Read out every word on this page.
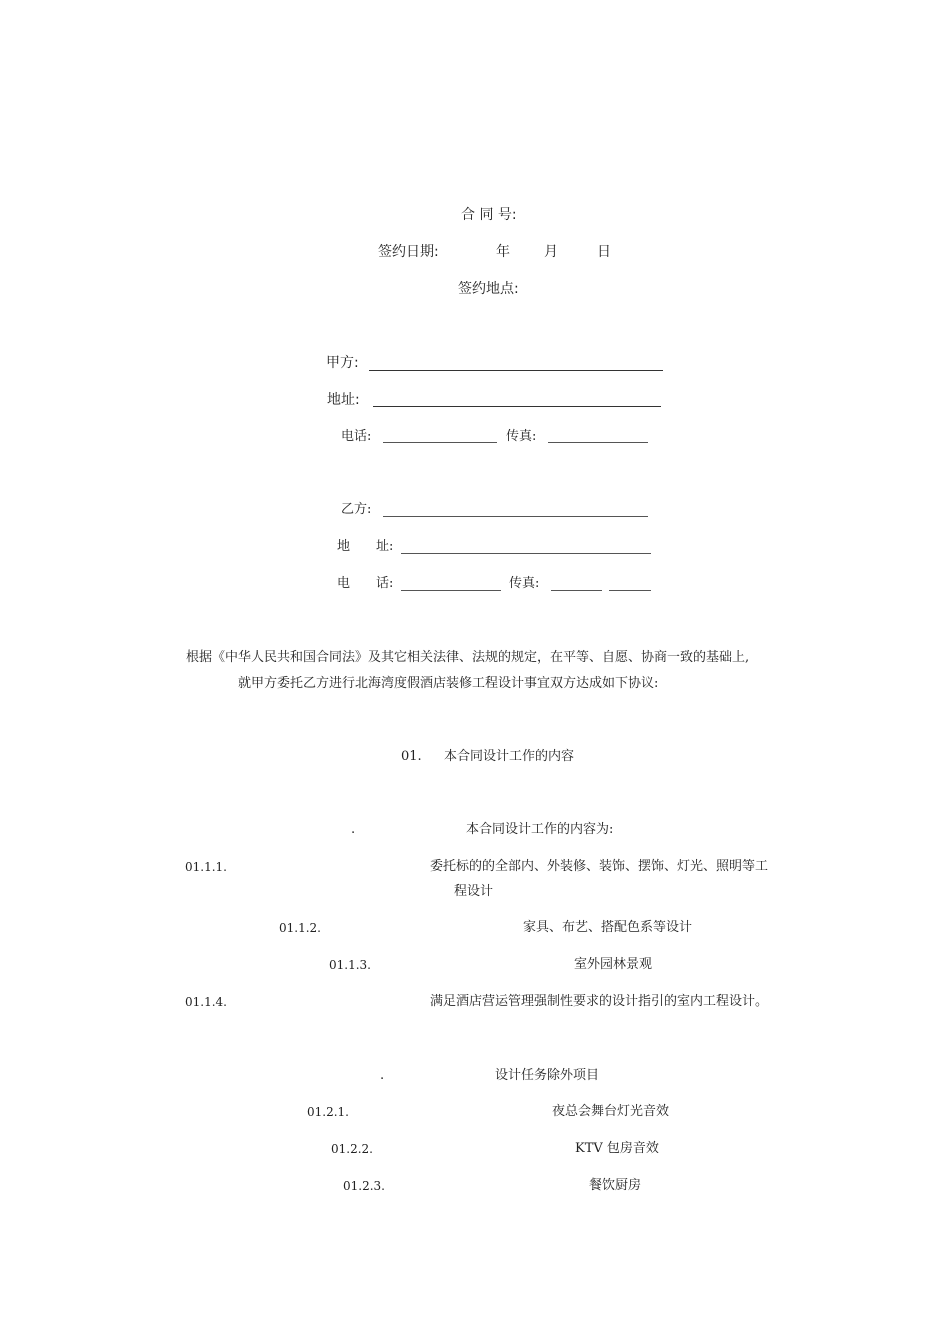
合 同 号:
签约日期:	年 月	日
签约地点:
甲方:
地址:
电话:	传真:
乙方:
地　　址:
电　　话:	传真:
根据《中华人民共和国合同法》及其它相关法律、法规的规定，在平等、自愿、协商一致的基础上,
就甲方委托乙方进行北海湾度假酒店装修工程设计事宜双方达成如下协议:
01. 本合同设计工作的内容
.	本合同设计工作的内容为:
01.1.1.	委托标的的全部内、外装修、装饰、摆饰、灯光、照明等工
程设计
01.1.2.	家具、布艺、搭配色系等设计
01.1.3.	室外园林景观
01.1.4.	满足酒店营运管理强制性要求的设计指引的室内工程设计。
.	设计任务除外项目
01.2.1.	夜总会舞台灯光音效
01.2.2.	KTV 包房音效
01.2.3.	餐饮厨房
